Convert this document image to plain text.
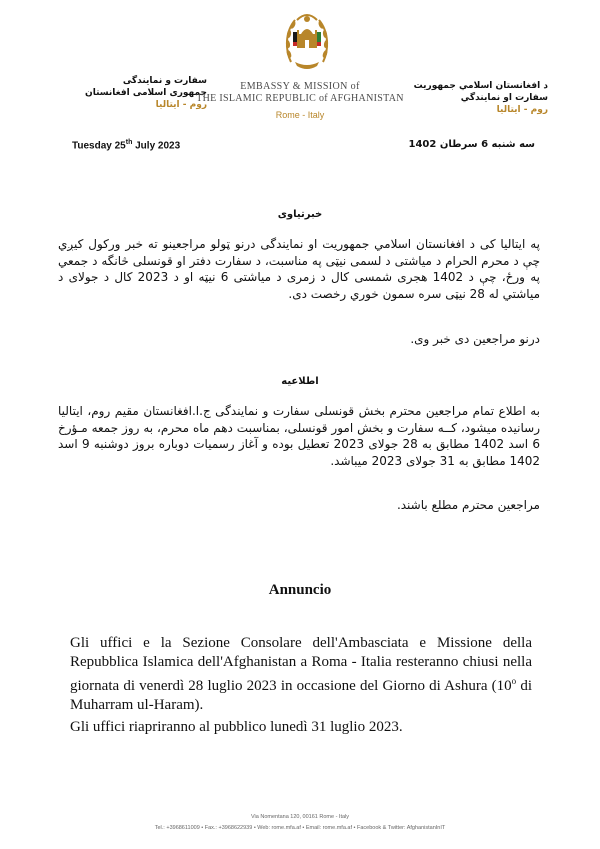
سفارت و نمایندگی
جمهوری اسلامی افغانستان
روم - ایتالیا
EMBASSY & MISSION of
THE ISLAMIC REPUBLIC of AFGHANISTAN
Rome - Italy
د افغانستان اسلامي جمهوريت
سفارت او نمايندگي
روم - ایتالیا
Tuesday 25th July 2023	سه شنبه 6 سرطان 1402
خبرتیاوی
په ایتالیا کی د افغانستان اسلامي جمهوریت او نمایندگی درنو ټولو مراجعینو ته خبر ورکول کيږي چې د محرم الحرام د میاشتی د لسمی نیټی په مناسبت، د سفارت دفتر او قونسلی څانگه د جمعي په ورځ، چې د 1402 هجری شمسی کال د زمری د میاشتی 6 نیټه او د 2023 کال د جولای د میاشتي له 28 نیټی سره سمون خوري رخصت دی.
درنو مراجعین دی خبر وی.
اطلاعیه
به اطلاع تمام مراجعین محترم بخش قونسلی سفارت و نمایندگی ج.ا.افغانستان مقیم روم، ایتالیا رسانیده میشود، کــه سفارت و بخش امور قونسلی، بمناسبت دهم ماه محرم، به روز جمعه مـؤرخ 6 اسد 1402 مطابق به 28 جولای 2023 تعطیل بوده و آغاز رسمیات دوباره بروز دوشنبه 9 اسد 1402 مطابق به 31 جولای 2023 میباشد.
مراجعین محترم مطلع باشند.
Annuncio
Gli uffici e la Sezione Consolare dell'Ambasciata e Missione della Repubblica Islamica dell'Afghanistan a Roma - Italia resteranno chiusi nella giornata di venerdì 28 luglio 2023 in occasione del Giorno di Ashura (10$^o$ di Muharram ul-Haram).
Gli uffici riapriranno al pubblico lunedì 31 luglio 2023.
Via Nomentana 120, 00161 Rome - Italy
Tel.: +3968611009 • Fax.: +3968622939 • Web: rome.mfa.af • Email: rome.mfa.af • Facebook & Twitter: AfghanistanInIT
